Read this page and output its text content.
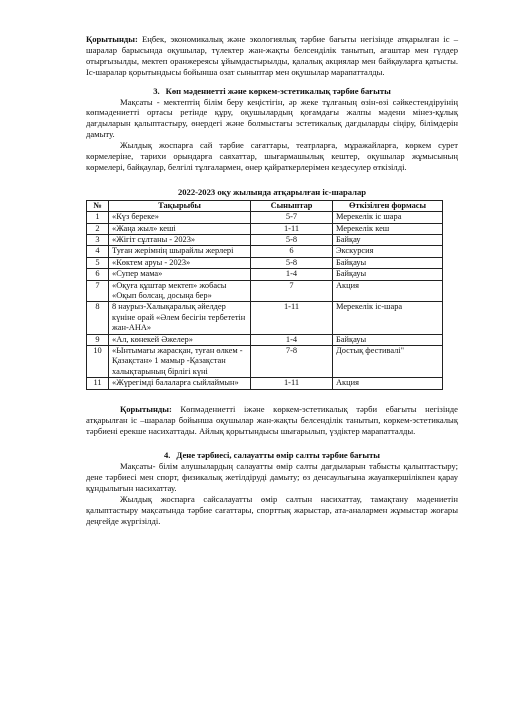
Қорытынды: Еңбек, экономикалық және экологиялық тәрбие бағыты негізінде атқарылған іс –шаралар барысында оқушылар, түлектер жан-жақты белсенділік танытып, ағаштар мен гүлдер отырғызылды, мектеп оранжереясы ұйымдастырылды, қалалық акциялар мен байқауларға қатысты. Іс-шаралар қорытындысы бойынша озат сыныптар мен оқушылар марапатталды.

3. Көп мәдениетті және көркем-эстетикалық тәрбие бағыты

Мақсаты - мектептің білім беру кеңістігін, әр жеке тұлғаның өзін-өзі сәйкестендіруінің көпмәдениетті ортаcы ретінде құру, оқушылардың қоғамдағы жалпы мәдени мінез-құлық дағдыларын қалыптастыру, өнердегі және болмыстағы эстетикалық дағдыларды сіңіру, білімдерін дамыту.

Жылдық жоспарға сай тәрбие сағаттары, театрларға, мұражайларға, көркем сурет көрмелеріне, тарихи орындарға саяхаттар, шығармашылық кештер, оқушылар жұмысының көрмелері, байқаулар, белгілі тұлғалармен, өнер қайраткерлерімен кездесулер өткізілді.

2022-2023 оқу жылында атқарылған іс-шаралар

№	Тақырыбы	Сыныптар	Өткізілген формасы
1	«Күз береке»	5-7	Мерекелік іс шара
2	«Жаңа жыл» кеші	1-11	Мерекелік кеш
3	«Жігіт сұлтаны - 2023»	5-8	Байқау
4	Туған жерімнің шырайлы жерлері	6	Экскурсия
5	«Көктем аруы - 2023»	5-8	Байқауы
6	«Супер мама»	1-4	Байқауы
7	«Оқуға құштар мектеп» жобасы «Оқып болсаң, досыңа бер»	7	Акция
8	8 наурыз-Халықаралық әйелдер күніне орай «Әлем бесігін тербететін жан-АНА»	1-11	Мерекелік іс-шара
9	«Ал, көнекей Әжелер»	1-4	Байқауы
10	«Ынтымағы жарасқан, туған өлкем - Қазақстан» 1 мамыр -Қазақстан халықтарының бірлігі күні	7-8	Достық фестивалі"
11	«Жүрегімді балаларға сыйлаймын»	1-11	Акция

Қорытынды: Көпмәдениетті іжәне көркем-эстетикалық тәрби ебағыты негізінде атқарылған іс –шаралар бойынша оқушылар жан-жақты белсенділік танытып, көркем-эстетикалық тәрбиені ерекше насихаттады. Айлық қорытындысы шығарылып, үздіктер марапатталды.

4. Дене тәрбиесі, салауатты өмір салты тәрбие бағыты

Мақсаты- білім алушылардың салауатты өмір салты дағдыларын табысты қалыптастыру; дене тәрбиесі мен спорт, физикалық жетілдіруді дамыту; өз денсаулығына жауапкершілікпен қарау құндылығын насихаттау.

Жылдық жоспарға сайсалауатты өмір салтын насихаттау, тамақтану мәдениетін қалыптастыру мақсатында тәрбие сағаттары, спорттық жарыстар, ата-аналармен жұмыстар жоғары деңгейде жүргізілді.
